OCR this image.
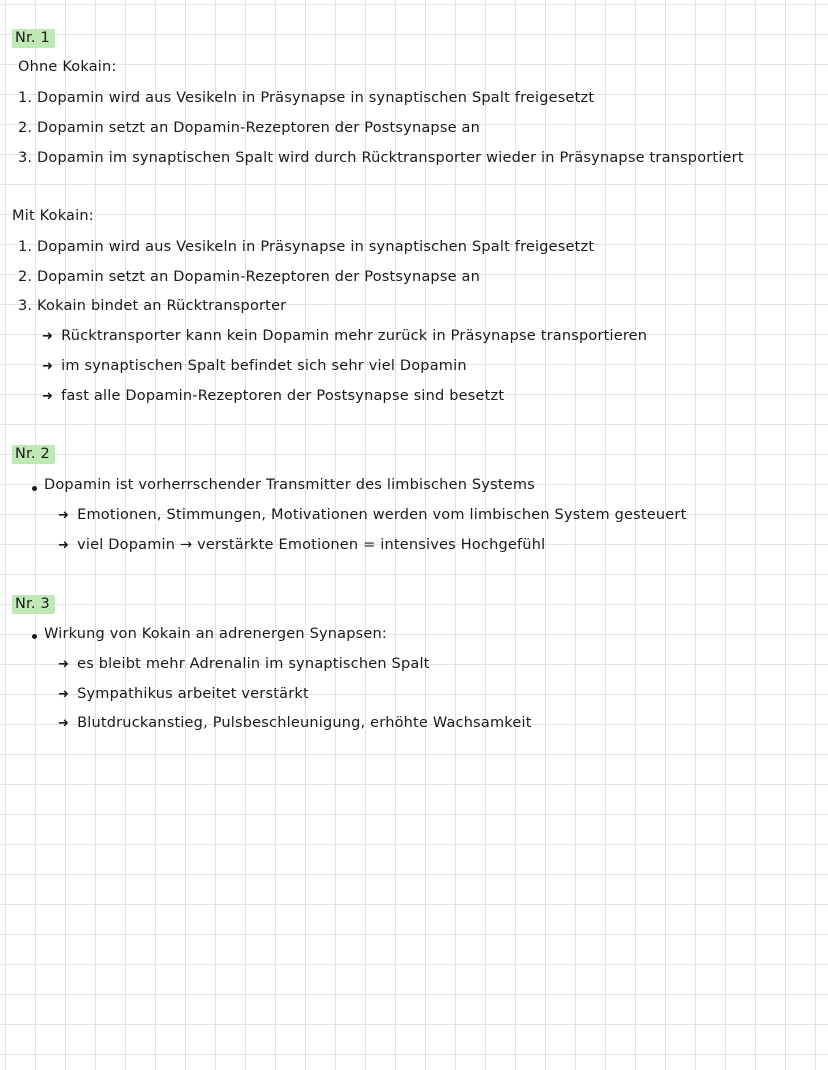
Nr. 1
Ohne Kokain:
1. Dopamin wird aus Vesikeln in Präsynapse in synaptischen Spalt freigesetzt
2. Dopamin setzt an Dopamin-Rezeptoren der Postsynapse an
3. Dopamin im synaptischen Spalt wird durch Rücktransporter wieder in Präsynapse transportiert
Mit Kokain:
1. Dopamin wird aus Vesikeln in Präsynapse in synaptischen Spalt freigesetzt
2. Dopamin setzt an Dopamin-Rezeptoren der Postsynapse an
3. Kokain bindet an Rücktransporter
➜ Rücktransporter kann kein Dopamin mehr zurück in Präsynapse transportieren
➜ im synaptischen Spalt befindet sich sehr viel Dopamin
➜ fast alle Dopamin-Rezeptoren der Postsynapse sind besetzt
Nr. 2
Dopamin ist vorherrschender Transmitter des limbischen Systems
➜ Emotionen, Stimmungen, Motivationen werden vom limbischen System gesteuert
➜ viel Dopamin → verstärkte Emotionen = intensives Hochgefühl
Nr. 3
Wirkung von Kokain an adrenergen Synapsen:
➜ es bleibt mehr Adrenalin im synaptischen Spalt
➜ Sympathikus arbeitet verstärkt
➜ Blutdruckanstieg, Pulsbeschleunigung, erhöhte Wachsamkeit
